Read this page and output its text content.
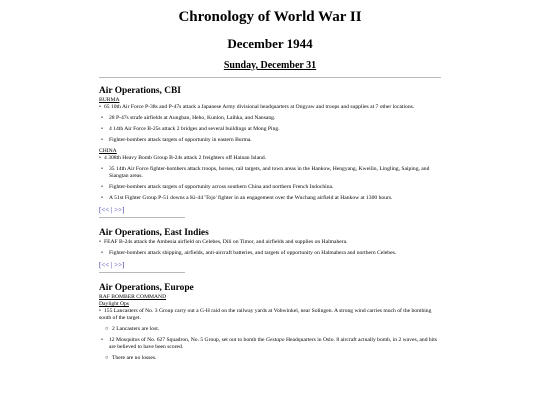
Chronology of World War II
December 1944
Sunday, December 31

Air Operations, CBI

BURMA

• 65 10th Air Force P-38s and P-47s attack a Japanese Army divisional headquarters at Ongyaw and troops and supplies at 7 other locations.

• 28 P-47s strafe airfields at Aungban, Heho, Kunlon, Laihka, and Nansang.

• 4 14th Air Force B-25s attack 2 bridges and several buildings at Mong Ping.

• Fighter-bombers attack targets of opportunity in eastern Burma.

CHINA

• 4 308th Heavy Bomb Group B-24s attack 2 freighters off Hainan Island.

• 35 14th Air Force fighter-bombers attack troops, horses, rail targets, and town areas in the Hankow, Hengyang, Kweilin, Lingling, Saiping, and Siangtan areas.

• Fighter-bombers attack targets of opportunity across southern China and northern French Indochina.

• A 51st Fighter Group P-51 downs a Ki-44 'Tojo' fighter in an engagement over the Wuchang airfield at Hankow at 1300 hours.

[<< | >>]

Air Operations, East Indies

• FEAF B-24s attack the Ambesia airfield on Celebes, Dili on Timor, and airfields and supplies on Halmahera.

• Fighter-bombers attack shipping, airfields, anti-aircraft batteries, and targets of opportunity on Halmahera and northern Celebes.

[<< | >>]

Air Operations, Europe

RAF BOMBER COMMAND

Daylight Ops

• 155 Lancasters of No. 3 Group carry out a G-H raid on the railway yards at Vohwinkel, near Solingen. A strong wind carries much of the bombing south of the target.

○ 2 Lancasters are lost.

• 12 Mosquitos of No. 627 Squadron, No. 5 Group, set out to bomb the Gestapo Headquarters in Oslo. 8 aircraft actually bomb, in 2 waves, and hits are believed to have been scored.

○ There are no losses.
